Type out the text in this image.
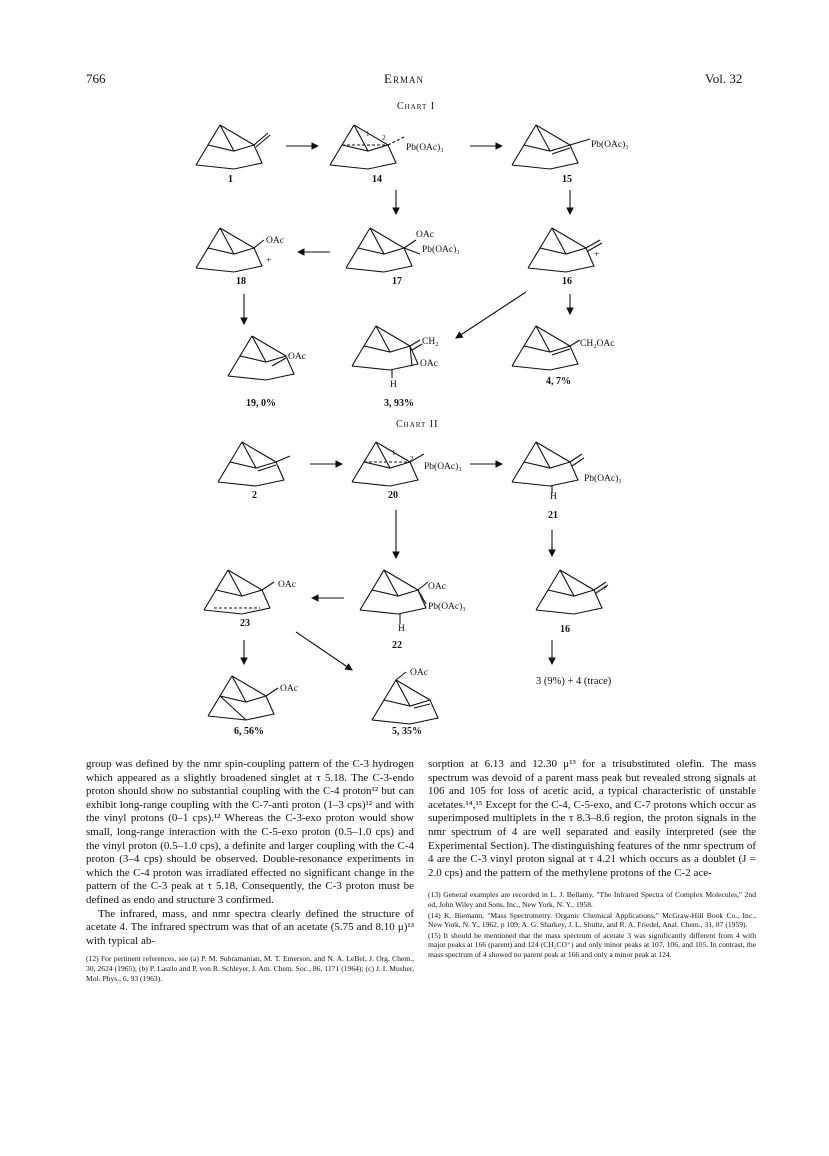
766	Erman	Vol. 32
Chart I
Chart II
1	14	15
18	17	16
19, 0%	3, 93%
4, 7%
Pb(OAc)₃	Pb(OAc)₃
OAc
+
OAc
Pb(OAc)₃	+
OAc
CH₂
OAc
H
CH₂OAc
1 2
2	20
21
23
22
16
6, 56%	5, 35%
Pb(OAc)₃
Pb(OAc)₃
H
OAc	OAc
Pb(OAc)₃
H
+
OAc
OAc
1
2
3 (9%) + 4 (trace)

group was defined by the nmr spin-coupling pattern of the C-3 hydrogen which appeared as a slightly broadened singlet at τ 5.18. The C-3-endo proton should show no substantial coupling with the C-4 proton¹² but can exhibit long-range coupling with the C-7-anti proton (1–3 cps)¹² and with the vinyl protons (0–1 cps).¹² Whereas the C-3-exo proton would show small, long-range interaction with the C-5-exo proton (0.5–1.0 cps) and the vinyl proton (0.5–1.0 cps), a definite and larger coupling with the C-4 proton (3–4 cps) should be observed. Double-resonance experiments in which the C-4 proton was irradiated effected no significant change in the pattern of the C-3 peak at τ 5.18. Consequently, the C-3 proton must be defined as endo and structure 3 confirmed.

The infrared, mass, and nmr spectra clearly defined the structure of acetate 4. The infrared spectrum was that of an acetate (5.75 and 8.10 μ)¹³ with typical ab-

(12) For pertinent references, see (a) P. M. Subramanian, M. T. Emerson, and N. A. LeBel, J. Org. Chem., 30, 2624 (1965); (b) P. Laszlo and P. von R. Schleyer, J. Am. Chem. Soc., 86, 1171 (1964); (c) J. I. Musher, Mol. Phys., 6, 93 (1963).

sorption at 6.13 and 12.30 μ¹³ for a trisubstituted olefin. The mass spectrum was devoid of a parent mass peak but revealed strong signals at 106 and 105 for loss of acetic acid, a typical characteristic of unstable acetates.¹⁴,¹⁵ Except for the C-4, C-5-exo, and C-7 protons which occur as superimposed multiplets in the τ 8.3–8.6 region, the proton signals in the nmr spectrum of 4 are well separated and easily interpreted (see the Experimental Section). The distinguishing features of the nmr spectrum of 4 are the C-3 vinyl proton signal at τ 4.21 which occurs as a doublet (J = 2.0 cps) and the pattern of the methylene protons of the C-2 ace-

(13) General examples are recorded in L. J. Bellamy, "The Infrared Spectra of Complex Molecules," 2nd ed, John Wiley and Sons, Inc., New York, N. Y., 1958.

(14) K. Biemann, "Mass Spectrometry. Organic Chemical Applications," McGraw-Hill Book Co., Inc., New York, N. Y., 1962, p 109; A. G. Sharkey, J. L. Shultz, and R. A. Friedel, Anal. Chem., 31, 87 (1959).

(15) It should be mentioned that the mass spectrum of acetate 3 was significantly different from 4 with major peaks at 166 (parent) and 124 (CH₂CO⁺) and only minor peaks at 107, 106, and 105. In contrast, the mass spectrum of 4 showed no parent peak at 166 and only a minor peak at 124.
